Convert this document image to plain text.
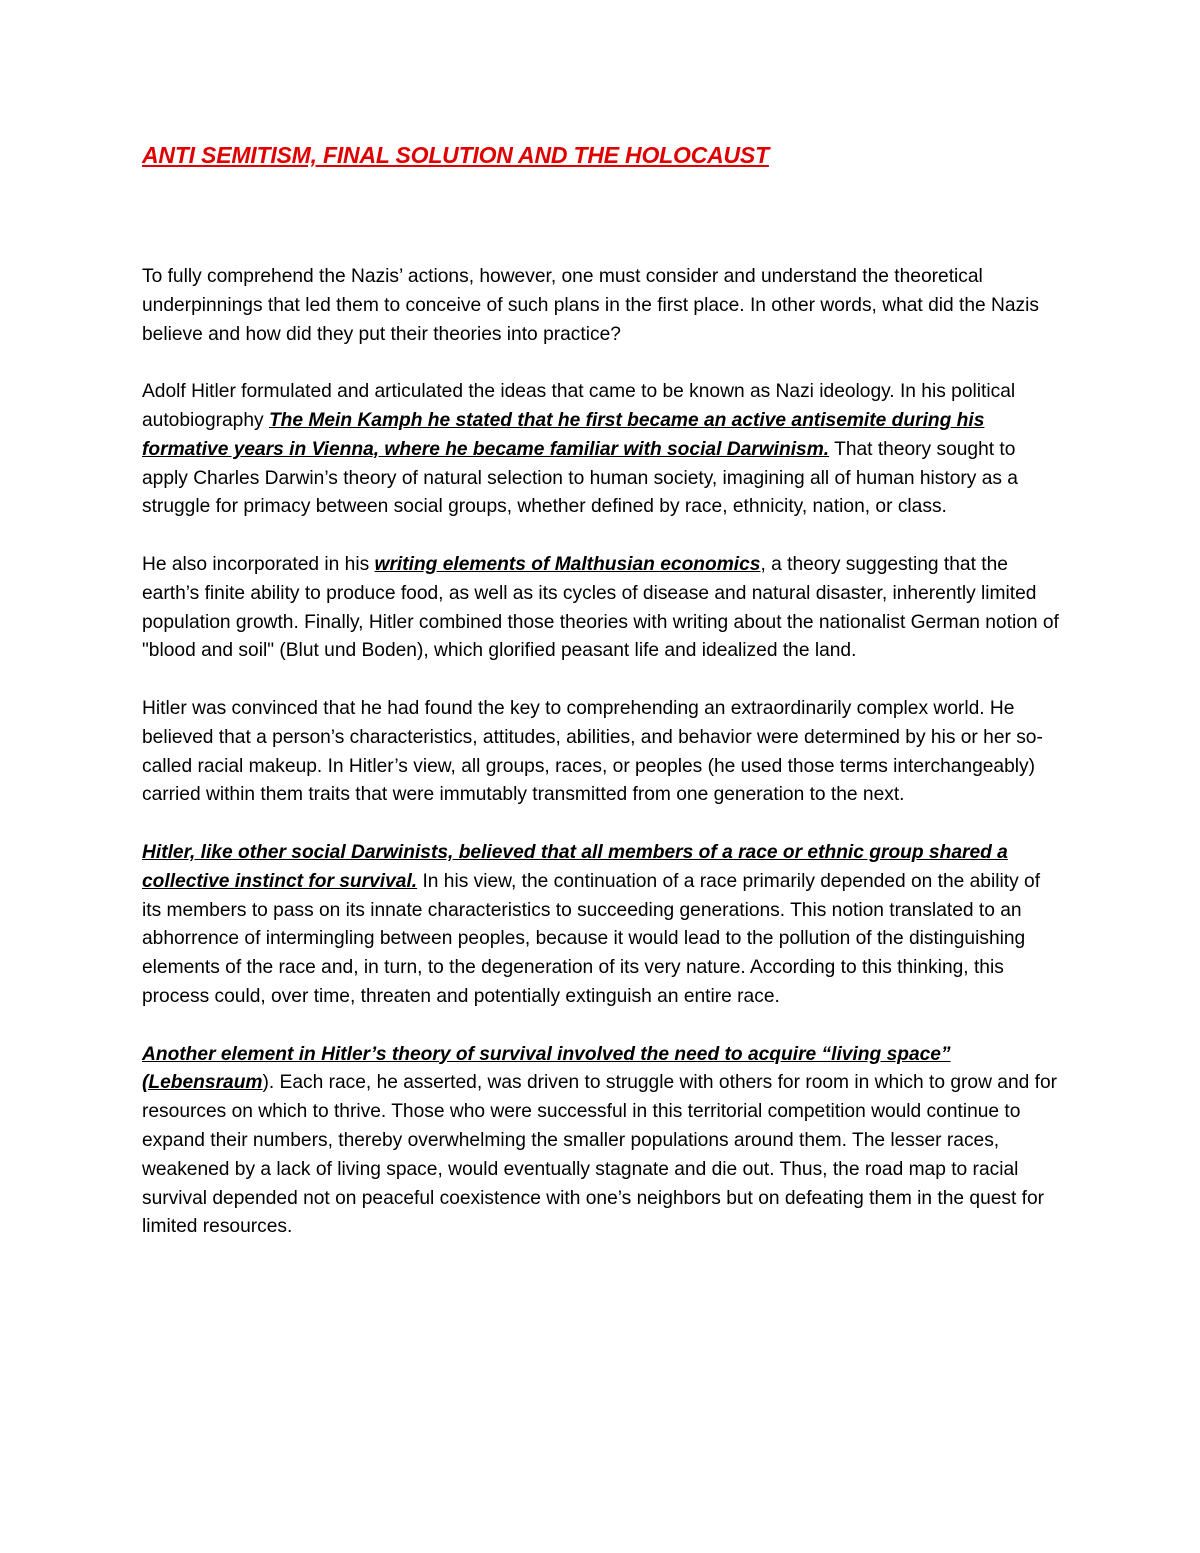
ANTI SEMITISM, FINAL SOLUTION AND THE HOLOCAUST

To fully comprehend the Nazis’ actions, however, one must consider and understand the theoretical underpinnings that led them to conceive of such plans in the first place. In other words, what did the Nazis believe and how did they put their theories into practice?

Adolf Hitler formulated and articulated the ideas that came to be known as Nazi ideology. In his political autobiography The Mein Kamph he stated that he first became an active antisemite during his formative years in Vienna, where he became familiar with social Darwinism. That theory sought to apply Charles Darwin’s theory of natural selection to human society, imagining all of human history as a struggle for primacy between social groups, whether defined by race, ethnicity, nation, or class.

He also incorporated in his writing elements of Malthusian economics, a theory suggesting that the earth’s finite ability to produce food, as well as its cycles of disease and natural disaster, inherently limited population growth. Finally, Hitler combined those theories with writing about the nationalist German notion of "blood and soil" (Blut und Boden), which glorified peasant life and idealized the land.

Hitler was convinced that he had found the key to comprehending an extraordinarily complex world. He believed that a person’s characteristics, attitudes, abilities, and behavior were determined by his or her so-called racial makeup. In Hitler’s view, all groups, races, or peoples (he used those terms interchangeably) carried within them traits that were immutably transmitted from one generation to the next.

Hitler, like other social Darwinists, believed that all members of a race or ethnic group shared a collective instinct for survival. In his view, the continuation of a race primarily depended on the ability of its members to pass on its innate characteristics to succeeding generations. This notion translated to an abhorrence of intermingling between peoples, because it would lead to the pollution of the distinguishing elements of the race and, in turn, to the degeneration of its very nature. According to this thinking, this process could, over time, threaten and potentially extinguish an entire race.

Another element in Hitler’s theory of survival involved the need to acquire “living space” (Lebensraum). Each race, he asserted, was driven to struggle with others for room in which to grow and for resources on which to thrive. Those who were successful in this territorial competition would continue to expand their numbers, thereby overwhelming the smaller populations around them. The lesser races, weakened by a lack of living space, would eventually stagnate and die out. Thus, the road map to racial survival depended not on peaceful coexistence with one’s neighbors but on defeating them in the quest for limited resources.
